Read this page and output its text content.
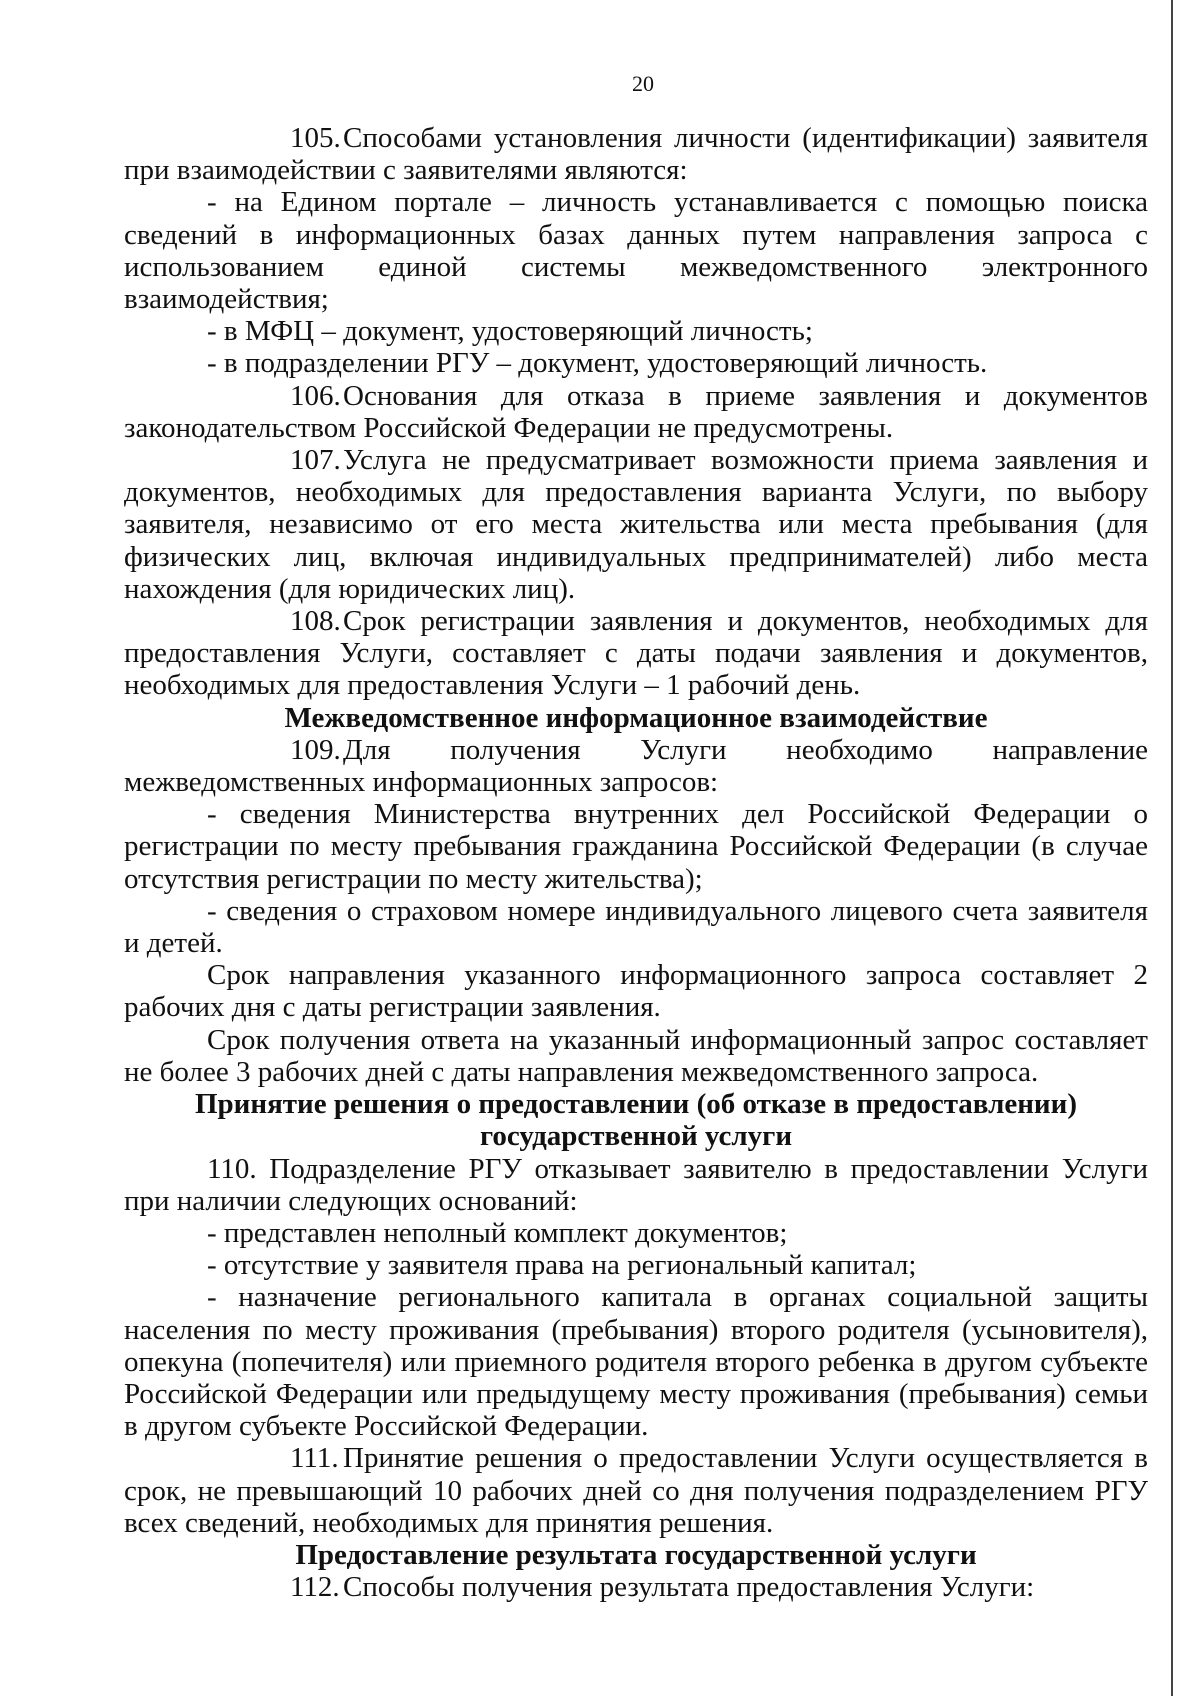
20

105.Способами установления личности (идентификации) заявителя при взаимодействии с заявителями являются:

- на Едином портале – личность устанавливается с помощью поиска сведений в информационных базах данных путем направления запроса с использованием единой системы межведомственного электронного взаимодействия;

- в МФЦ – документ, удостоверяющий личность;

- в подразделении РГУ – документ, удостоверяющий личность.

106.Основания для отказа в приеме заявления и документов законодательством Российской Федерации не предусмотрены.

107.Услуга не предусматривает возможности приема заявления и документов, необходимых для предоставления варианта Услуги, по выбору заявителя, независимо от его места жительства или места пребывания (для физических лиц, включая индивидуальных предпринимателей) либо места нахождения (для юридических лиц).

108.Срок регистрации заявления и документов, необходимых для предоставления Услуги, составляет с даты подачи заявления и документов, необходимых для предоставления Услуги – 1 рабочий день.

Межведомственное информационное взаимодействие

109.Для получения Услуги необходимо направление межведомственных информационных запросов:

- сведения Министерства внутренних дел Российской Федерации о регистрации по месту пребывания гражданина Российской Федерации (в случае отсутствия регистрации по месту жительства);

- сведения о страховом номере индивидуального лицевого счета заявителя и детей.

Срок направления указанного информационного запроса составляет 2 рабочих дня с даты регистрации заявления.

Срок получения ответа на указанный информационный запрос составляет не более 3 рабочих дней с даты направления межведомственного запроса.

Принятие решения о предоставлении (об отказе в предоставлении) государственной услуги

110. Подразделение РГУ отказывает заявителю в предоставлении Услуги при наличии следующих оснований:

- представлен неполный комплект документов;

- отсутствие у заявителя права на региональный капитал;

- назначение регионального капитала в органах социальной защиты населения по месту проживания (пребывания) второго родителя (усыновителя), опекуна (попечителя) или приемного родителя второго ребенка в другом субъекте Российской Федерации или предыдущему месту проживания (пребывания) семьи в другом субъекте Российской Федерации.

111. Принятие решения о предоставлении Услуги осуществляется в срок, не превышающий 10 рабочих дней со дня получения подразделением РГУ всех сведений, необходимых для принятия решения.

Предоставление результата государственной услуги

112. Способы получения результата предоставления Услуги:
